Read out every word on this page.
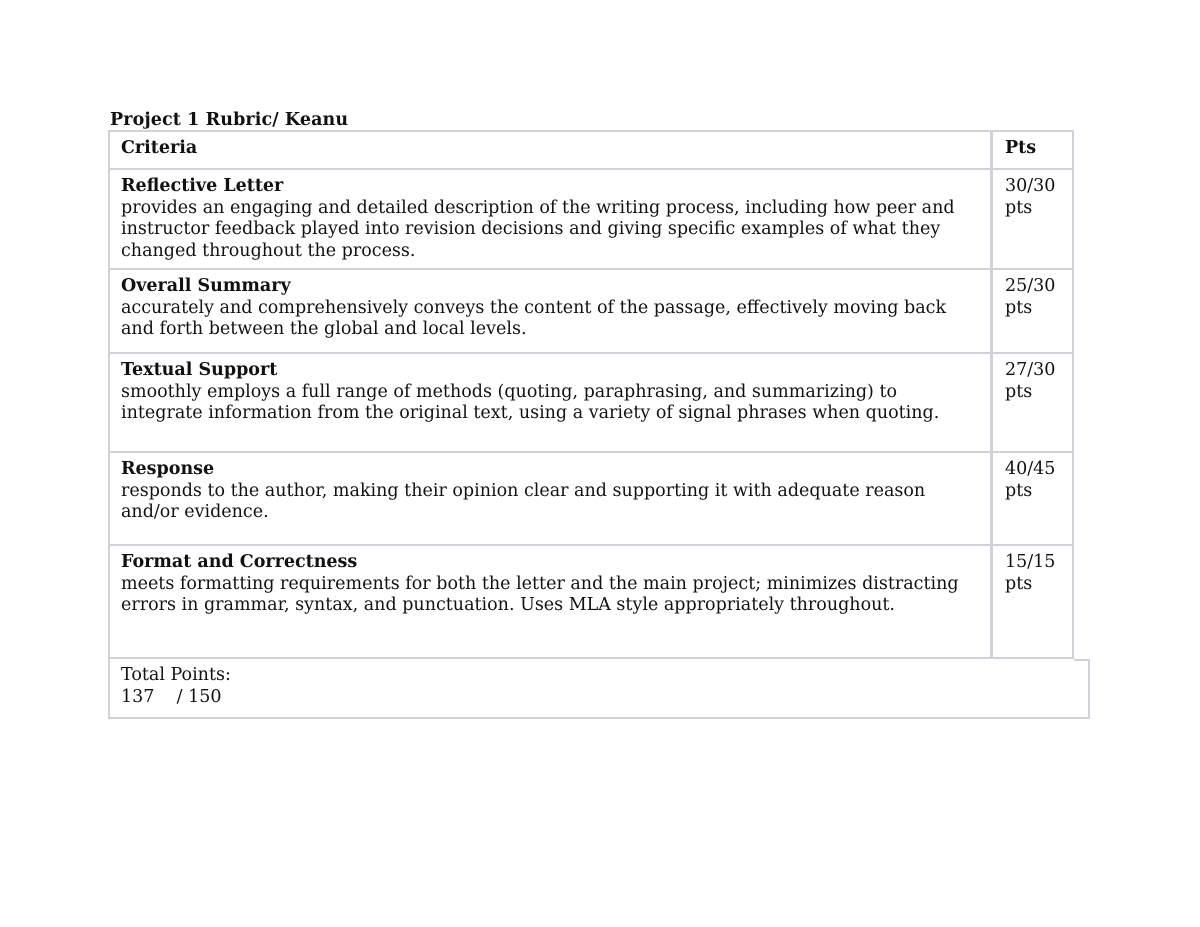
Project 1 Rubric/ Keanu
Criteria	Pts
Reflective Letter
provides an engaging and detailed description of the writing process, including how peer and instructor feedback played into revision decisions and giving specific examples of what they changed throughout the process.
30/30
pts
Overall Summary
accurately and comprehensively conveys the content of the passage, effectively moving back and forth between the global and local levels.
25/30
pts
Textual Support
smoothly employs a full range of methods (quoting, paraphrasing, and summarizing) to integrate information from the original text, using a variety of signal phrases when quoting.
27/30
pts
Response
responds to the author, making their opinion clear and supporting it with adequate reason and/or evidence.
40/45
pts
Format and Correctness
meets formatting requirements for both the letter and the main project; minimizes distracting errors in grammar, syntax, and punctuation. Uses MLA style appropriately throughout.
15/15
pts
Total Points:
137    / 150
